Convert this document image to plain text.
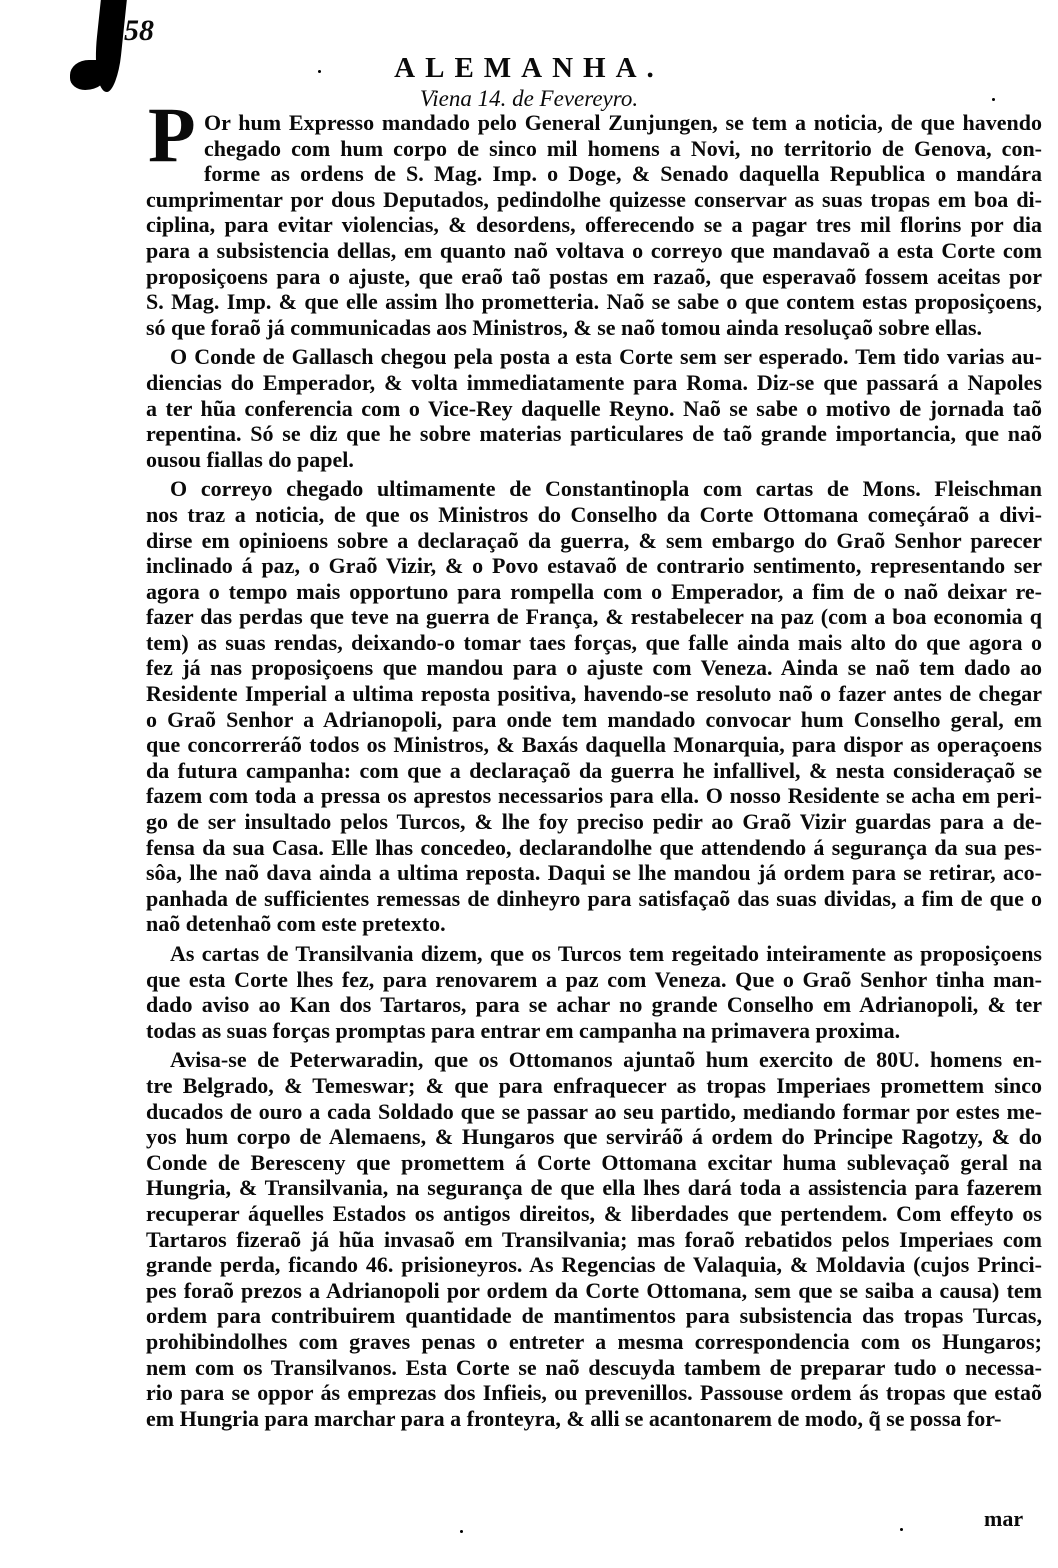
58
ALEMANHA.
Viena 14. de Fevereyro.
P Or hum Expresso mandado pelo General Zunjungen, se tem a noticia, de que havendo
chegado com hum corpo de sinco mil homens a Novi, no territorio de Genova, con-
forme as ordens de S. Mag. Imp. o Doge, & Senado daquella Republica o mandára
cumprimentar por dous Deputados, pedindolhe quizesse conservar as suas tropas em boa di-
ciplina, para evitar violencias, & desordens, offerecendo se a pagar tres mil florins por dia
para a subsistencia dellas, em quanto naõ voltava o correyo que mandavaõ a esta Corte com
proposiçoens para o ajuste, que eraõ taõ postas em razaõ, que esperavaõ fossem aceitas por
S. Mag. Imp. & que elle assim lho prometteria. Naõ se sabe o que contem estas proposiçoens,
só que foraõ já communicadas aos Ministros, & se naõ tomou ainda resoluçaõ sobre ellas.
O Conde de Gallasch chegou pela posta a esta Corte sem ser esperado. Tem tido varias au-
diencias do Emperador, & volta immediatamente para Roma. Diz-se que passará a Napoles
a ter hũa conferencia com o Vice-Rey daquelle Reyno. Naõ se sabe o motivo de jornada taõ
repentina. Só se diz que he sobre materias particulares de taõ grande importancia, que naõ
ousou fiallas do papel.
O correyo chegado ultimamente de Constantinopla com cartas de Mons. Fleischman
nos traz a noticia, de que os Ministros do Conselho da Corte Ottomana começáraõ a divi-
dirse em opinioens sobre a declaraçaõ da guerra, & sem embargo do Graõ Senhor parecer
inclinado á paz, o Graõ Vizir, & o Povo estavaõ de contrario sentimento, representando ser
agora o tempo mais opportuno para rompella com o Emperador, a fim de o naõ deixar re-
fazer das perdas que teve na guerra de França, & restabelecer na paz (com a boa economia q
tem) as suas rendas, deixando-o tomar taes forças, que falle ainda mais alto do que agora o
fez já nas proposiçoens que mandou para o ajuste com Veneza. Ainda se naõ tem dado ao
Residente Imperial a ultima reposta positiva, havendo-se resoluto naõ o fazer antes de chegar
o Graõ Senhor a Adrianopoli, para onde tem mandado convocar hum Conselho geral, em
que concorreráõ todos os Ministros, & Baxás daquella Monarquia, para dispor as operaçoens
da futura campanha: com que a declaraçaõ da guerra he infallivel, & nesta consideraçaõ se
fazem com toda a pressa os aprestos necessarios para ella. O nosso Residente se acha em peri-
go de ser insultado pelos Turcos, & lhe foy preciso pedir ao Graõ Vizir guardas para a de-
fensa da sua Casa. Elle lhas concedeo, declarandolhe que attendendo á segurança da sua pes-
sôa, lhe naõ dava ainda a ultima reposta. Daqui se lhe mandou já ordem para se retirar, aco-
panhada de sufficientes remessas de dinheyro para satisfaçaõ das suas dividas, a fim de que o
naõ detenhaõ com este pretexto.
As cartas de Transilvania dizem, que os Turcos tem regeitado inteiramente as proposiçoens
que esta Corte lhes fez, para renovarem a paz com Veneza. Que o Graõ Senhor tinha man-
dado aviso ao Kan dos Tartaros, para se achar no grande Conselho em Adrianopoli, & ter
todas as suas forças promptas para entrar em campanha na primavera proxima.
Avisa-se de Peterwaradin, que os Ottomanos ajuntaõ hum exercito de 80U. homens en-
tre Belgrado, & Temeswar; & que para enfraquecer as tropas Imperiaes promettem sinco
ducados de ouro a cada Soldado que se passar ao seu partido, mediando formar por estes me-
yos hum corpo de Alemaens, & Hungaros que serviráõ á ordem do Principe Ragotzy, & do
Conde de Beresceny que promettem á Corte Ottomana excitar huma sublevaçaõ geral na
Hungria, & Transilvania, na segurança de que ella lhes dará toda a assistencia para fazerem
recuperar áquelles Estados os antigos direitos, & liberdades que pertendem. Com effeyto os
Tartaros fizeraõ já hũa invasaõ em Transilvania; mas foraõ rebatidos pelos Imperiaes com
grande perda, ficando 46. prisioneyros. As Regencias de Valaquia, & Moldavia (cujos Princi-
pes foraõ prezos a Adrianopoli por ordem da Corte Ottomana, sem que se saiba a causa) tem
ordem para contribuirem quantidade de mantimentos para subsistencia das tropas Turcas,
prohibindolhes com graves penas o entreter a mesma correspondencia com os Hungaros;
nem com os Transilvanos. Esta Corte se naõ descuyda tambem de preparar tudo o necessa-
rio para se oppor ás emprezas dos Infieis, ou prevenillos. Passouse ordem ás tropas que estaõ
em Hungria para marchar para a fronteyra, & alli se acantonarem de modo, q̃ se possa for-
mar
